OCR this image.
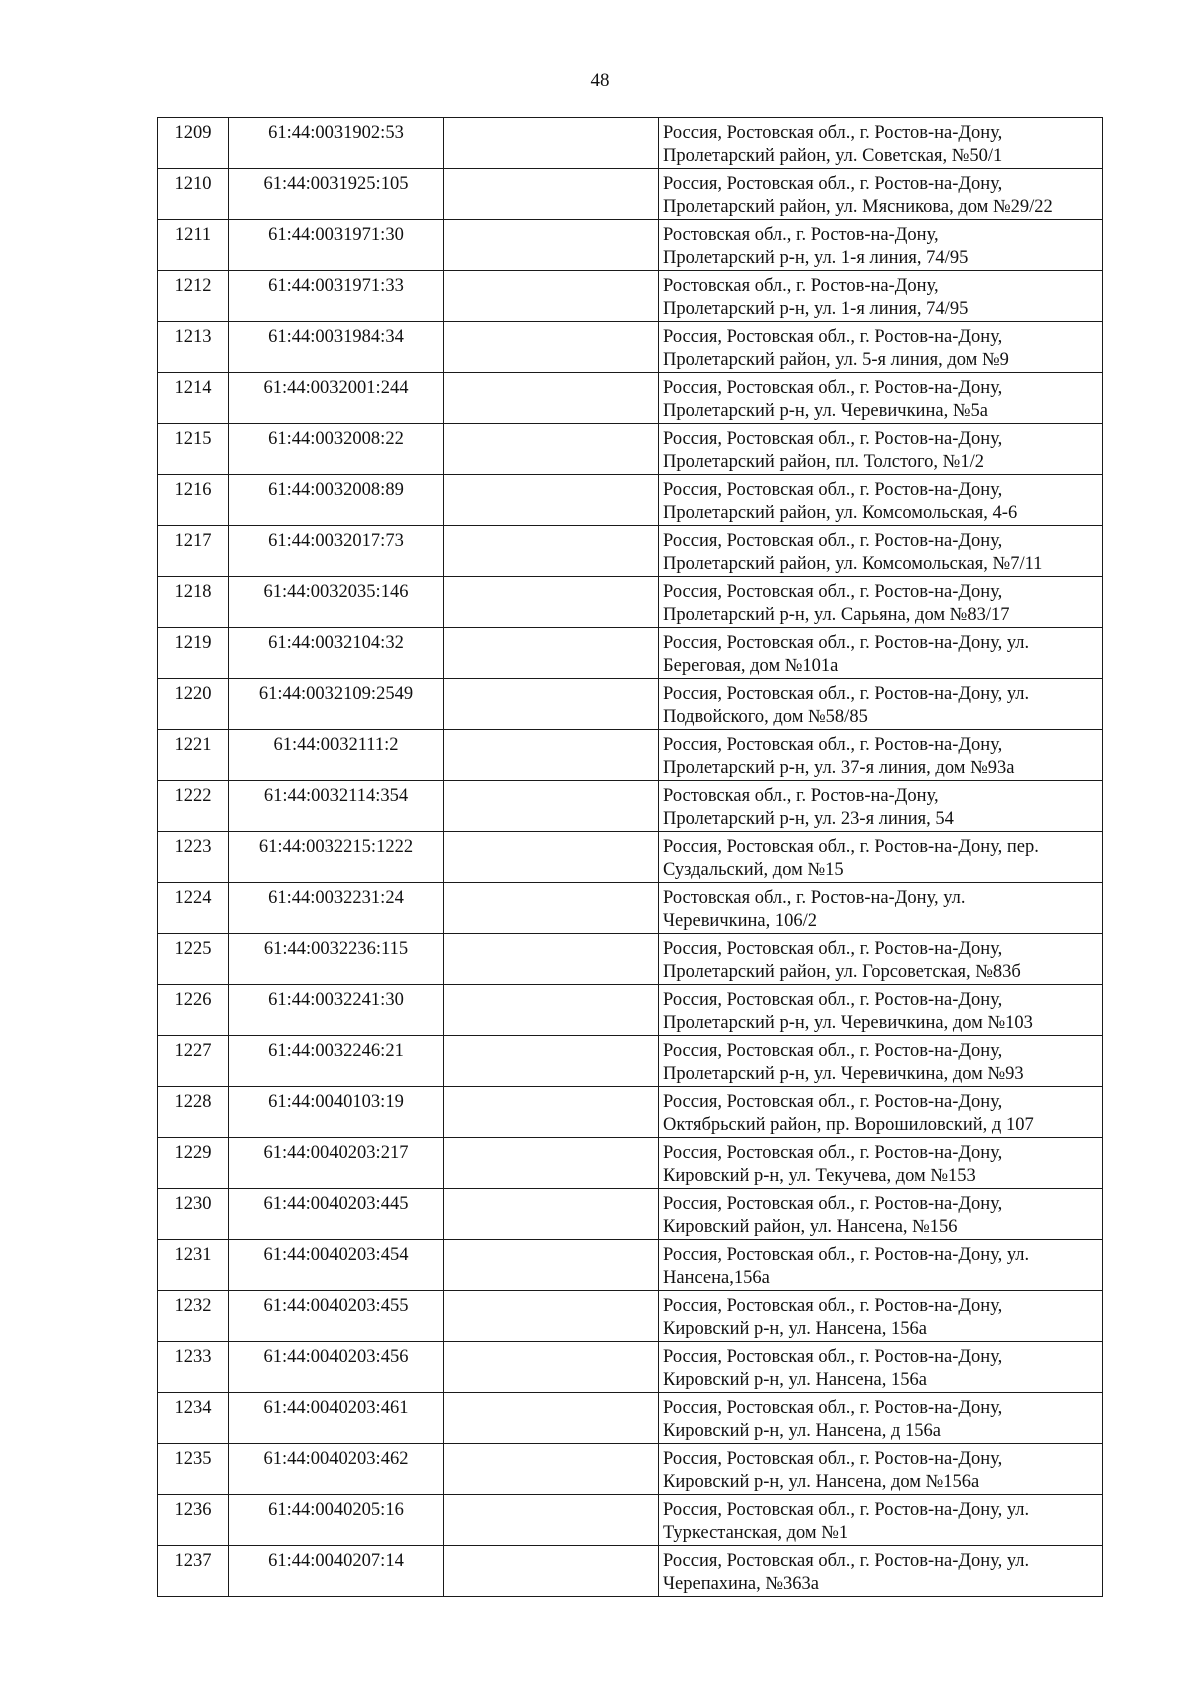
48
1209	61:44:0031902:53		Россия, Ростовская обл., г. Ростов-на-Дону,
Пролетарский район, ул. Советская, №50/1

1210	61:44:0031925:105		Россия, Ростовская обл., г. Ростов-на-Дону,
Пролетарский район, ул. Мясникова, дом №29/22

1211	61:44:0031971:30		Ростовская обл., г. Ростов-на-Дону,
Пролетарский р-н, ул. 1-я линия, 74/95

1212	61:44:0031971:33		Ростовская обл., г. Ростов-на-Дону,
Пролетарский р-н, ул. 1-я линия, 74/95

1213	61:44:0031984:34		Россия, Ростовская обл., г. Ростов-на-Дону,
Пролетарский район, ул. 5-я линия, дом №9

1214	61:44:0032001:244		Россия, Ростовская обл., г. Ростов-на-Дону,
Пролетарский р-н, ул. Черевичкина, №5а

1215	61:44:0032008:22		Россия, Ростовская обл., г. Ростов-на-Дону,
Пролетарский район, пл. Толстого, №1/2

1216	61:44:0032008:89		Россия, Ростовская обл., г. Ростов-на-Дону,
Пролетарский район, ул. Комсомольская, 4-6

1217	61:44:0032017:73		Россия, Ростовская обл., г. Ростов-на-Дону,
Пролетарский район, ул. Комсомольская, №7/11

1218	61:44:0032035:146		Россия, Ростовская обл., г. Ростов-на-Дону,
Пролетарский р-н, ул. Сарьяна, дом №83/17

1219	61:44:0032104:32		Россия, Ростовская обл., г. Ростов-на-Дону, ул.
Береговая, дом №101а

1220	61:44:0032109:2549		Россия, Ростовская обл., г. Ростов-на-Дону, ул.
Подвойского, дом №58/85

1221	61:44:0032111:2		Россия, Ростовская обл., г. Ростов-на-Дону,
Пролетарский р-н, ул. 37-я линия, дом №93а

1222	61:44:0032114:354		Ростовская обл., г. Ростов-на-Дону,
Пролетарский р-н, ул. 23-я линия, 54

1223	61:44:0032215:1222		Россия, Ростовская обл., г. Ростов-на-Дону, пер.
Суздальский, дом №15

1224	61:44:0032231:24		Ростовская обл., г. Ростов-на-Дону, ул.
Черевичкина, 106/2

1225	61:44:0032236:115		Россия, Ростовская обл., г. Ростов-на-Дону,
Пролетарский район, ул. Горсоветская, №83б

1226	61:44:0032241:30		Россия, Ростовская обл., г. Ростов-на-Дону,
Пролетарский р-н, ул. Черевичкина, дом №103

1227	61:44:0032246:21		Россия, Ростовская обл., г. Ростов-на-Дону,
Пролетарский р-н, ул. Черевичкина, дом №93

1228	61:44:0040103:19		Россия, Ростовская обл., г. Ростов-на-Дону,
Октябрьский район, пр. Ворошиловский, д 107

1229	61:44:0040203:217		Россия, Ростовская обл., г. Ростов-на-Дону,
Кировский р-н, ул. Текучева, дом №153

1230	61:44:0040203:445		Россия, Ростовская обл., г. Ростов-на-Дону,
Кировский район, ул. Нансена, №156

1231	61:44:0040203:454		Россия, Ростовская обл., г. Ростов-на-Дону, ул.
Нансена,156а

1232	61:44:0040203:455		Россия, Ростовская обл., г. Ростов-на-Дону,
Кировский р-н, ул. Нансена, 156а

1233	61:44:0040203:456		Россия, Ростовская обл., г. Ростов-на-Дону,
Кировский р-н, ул. Нансена, 156а

1234	61:44:0040203:461		Россия, Ростовская обл., г. Ростов-на-Дону,
Кировский р-н, ул. Нансена, д 156а

1235	61:44:0040203:462		Россия, Ростовская обл., г. Ростов-на-Дону,
Кировский р-н, ул. Нансена, дом №156а

1236	61:44:0040205:16		Россия, Ростовская обл., г. Ростов-на-Дону, ул.
Туркестанская, дом №1

1237	61:44:0040207:14		Россия, Ростовская обл., г. Ростов-на-Дону, ул.
Черепахина, №363а
